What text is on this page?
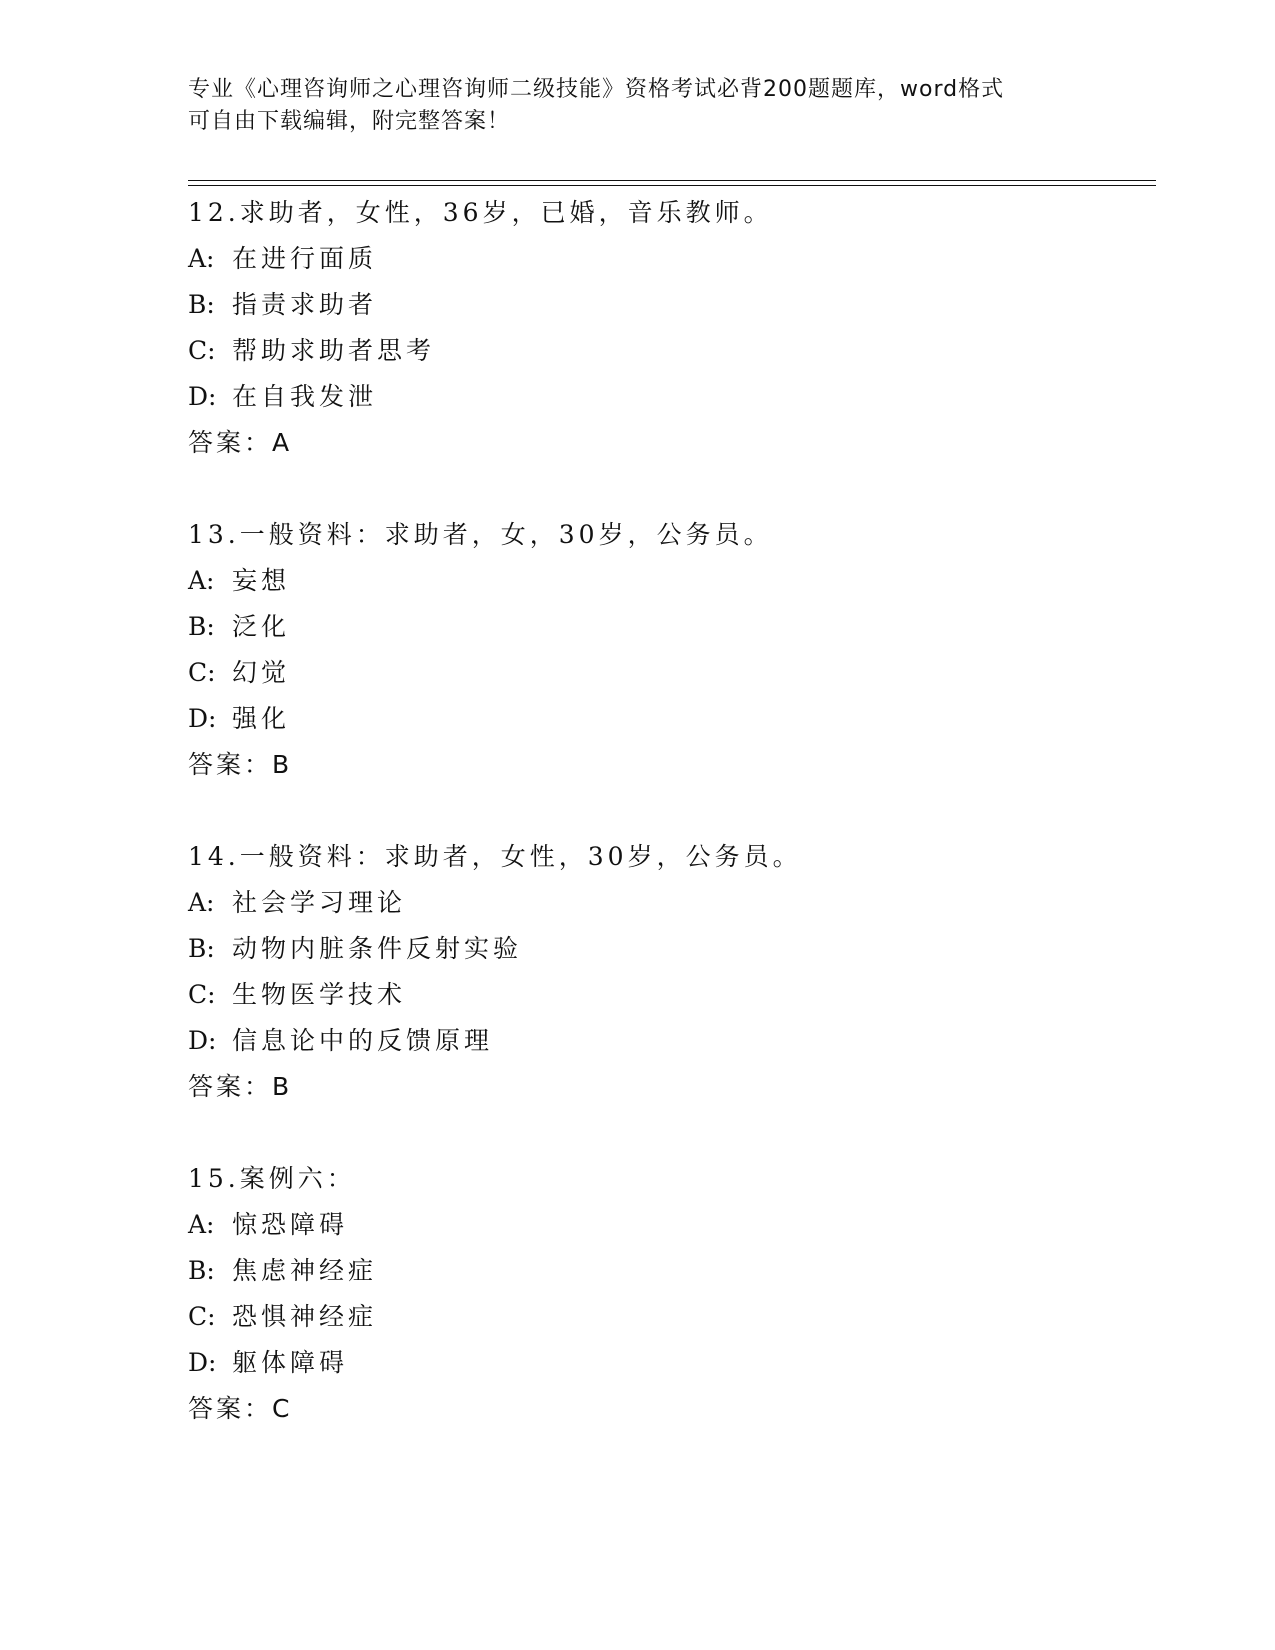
专业《心理咨询师之心理咨询师二级技能》资格考试必背200题题库，word格式
可自由下载编辑，附完整答案！
12.求助者，女性，36岁，已婚，音乐教师。
A: 在进行面质
B: 指责求助者
C: 帮助求助者思考
D: 在自我发泄
答案：A
13.一般资料：求助者，女，30岁，公务员。
A: 妄想
B: 泛化
C: 幻觉
D: 强化
答案：B
14.一般资料：求助者，女性，30岁，公务员。
A: 社会学习理论
B: 动物内脏条件反射实验
C: 生物医学技术
D: 信息论中的反馈原理
答案：B
15.案例六：
A: 惊恐障碍
B: 焦虑神经症
C: 恐惧神经症
D: 躯体障碍
答案：C
